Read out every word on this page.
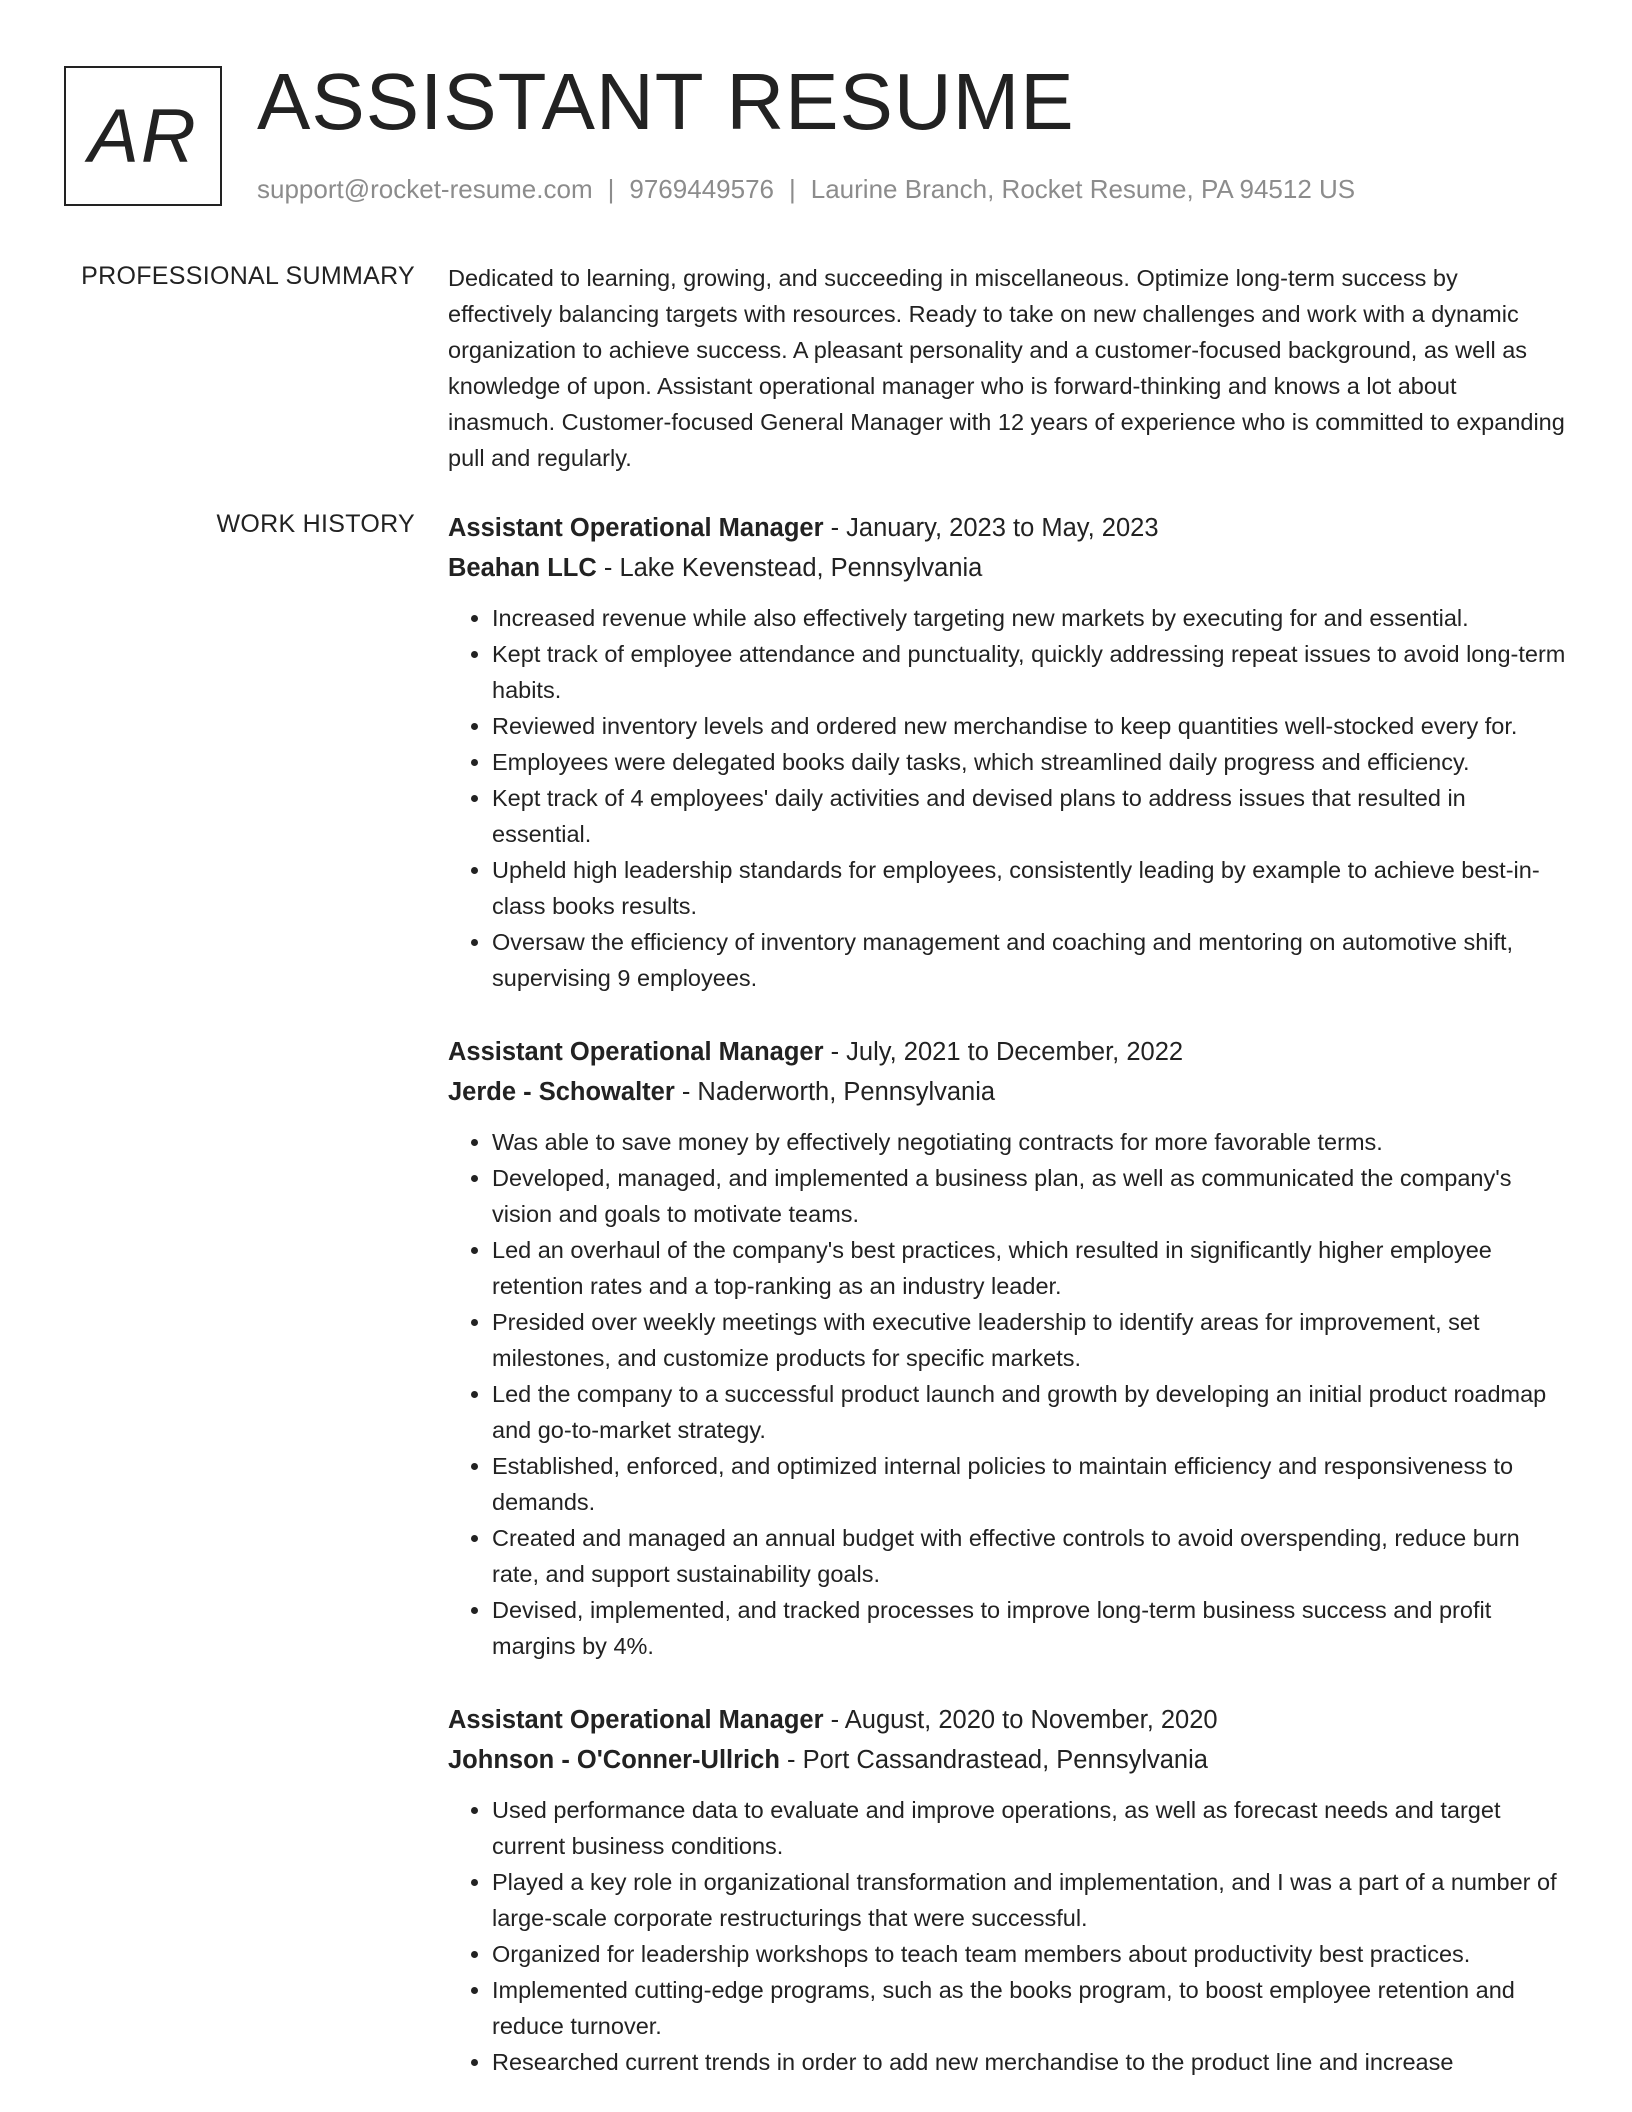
AR ASSISTANT RESUME
support@rocket-resume.com | 9769449576 | Laurine Branch, Rocket Resume, PA 94512 US
PROFESSIONAL SUMMARY Dedicated to learning, growing, and succeeding in miscellaneous. Optimize long-term success by effectively balancing targets with resources. Ready to take on new challenges and work with a dynamic organization to achieve success. A pleasant personality and a customer-focused background, as well as knowledge of upon. Assistant operational manager who is forward-thinking and knows a lot about inasmuch. Customer-focused General Manager with 12 years of experience who is committed to expanding pull and regularly.
WORK HISTORY Assistant Operational Manager - January, 2023 to May, 2023
Beahan LLC - Lake Kevenstead, Pennsylvania
• Increased revenue while also effectively targeting new markets by executing for and essential.
• Kept track of employee attendance and punctuality, quickly addressing repeat issues to avoid long-term habits.
• Reviewed inventory levels and ordered new merchandise to keep quantities well-stocked every for.
• Employees were delegated books daily tasks, which streamlined daily progress and efficiency.
• Kept track of 4 employees' daily activities and devised plans to address issues that resulted in essential.
• Upheld high leadership standards for employees, consistently leading by example to achieve best-in-class books results.
• Oversaw the efficiency of inventory management and coaching and mentoring on automotive shift, supervising 9 employees.
Assistant Operational Manager - July, 2021 to December, 2022
Jerde - Schowalter - Naderworth, Pennsylvania
• Was able to save money by effectively negotiating contracts for more favorable terms.
• Developed, managed, and implemented a business plan, as well as communicated the company's vision and goals to motivate teams.
• Led an overhaul of the company's best practices, which resulted in significantly higher employee retention rates and a top-ranking as an industry leader.
• Presided over weekly meetings with executive leadership to identify areas for improvement, set milestones, and customize products for specific markets.
• Led the company to a successful product launch and growth by developing an initial product roadmap and go-to-market strategy.
• Established, enforced, and optimized internal policies to maintain efficiency and responsiveness to demands.
• Created and managed an annual budget with effective controls to avoid overspending, reduce burn rate, and support sustainability goals.
• Devised, implemented, and tracked processes to improve long-term business success and profit margins by 4%.
Assistant Operational Manager - August, 2020 to November, 2020
Johnson - O'Conner-Ullrich - Port Cassandrastead, Pennsylvania
• Used performance data to evaluate and improve operations, as well as forecast needs and target current business conditions.
• Played a key role in organizational transformation and implementation, and I was a part of a number of large-scale corporate restructurings that were successful.
• Organized for leadership workshops to teach team members about productivity best practices.
• Implemented cutting-edge programs, such as the books program, to boost employee retention and reduce turnover.
• Researched current trends in order to add new merchandise to the product line and increase
